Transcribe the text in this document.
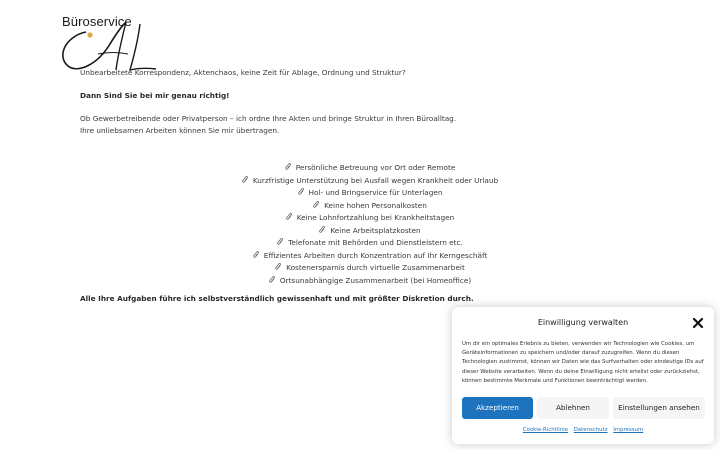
Büroservice

Unbearbeitete Korrespondenz, Aktenchaos, keine Zeit für Ablage, Ordnung und Struktur?

Dann Sind Sie bei mir genau richtig!

Ob Gewerbetreibende oder Privatperson – ich ordne Ihre Akten und bringe Struktur in Ihren Büroalltag.
Ihre unliebsamen Arbeiten können Sie mir übertragen.

Persönliche Betreuung vor Ort oder Remote
Kurzfristige Unterstützung bei Ausfall wegen Krankheit oder Urlaub
Hol- und Bringservice für Unterlagen
Keine hohen Personalkosten
Keine Lohnfortzahlung bei Krankheitstagen
Keine Arbeitsplatzkosten
Telefonate mit Behörden und Dienstleistern etc.
Effizientes Arbeiten durch Konzentration auf Ihr Kerngeschäft
Kostenersparnis durch virtuelle Zusammenarbeit
Ortsunabhängige Zusammenarbeit (bei Homeoffice)

Alle Ihre Aufgaben führe ich selbstverständlich gewissenhaft und mit größter Diskretion durch.

Einwilligung verwalten
Um dir ein optimales Erlebnis zu bieten, verwenden wir Technologien wie Cookies, um Geräteinformationen zu speichern und/oder darauf zuzugreifen. Wenn du diesen Technologien zustimmst, können wir Daten wie das Surfverhalten oder eindeutige IDs auf dieser Website verarbeiten. Wenn du deine Einwilligung nicht erteilst oder zurückziehst, können bestimmte Merkmale und Funktionen beeinträchtigt werden.
Akzeptieren	Ablehnen	Einstellungen ansehen
Cookie-Richtlinie Datenschutz Impressum
